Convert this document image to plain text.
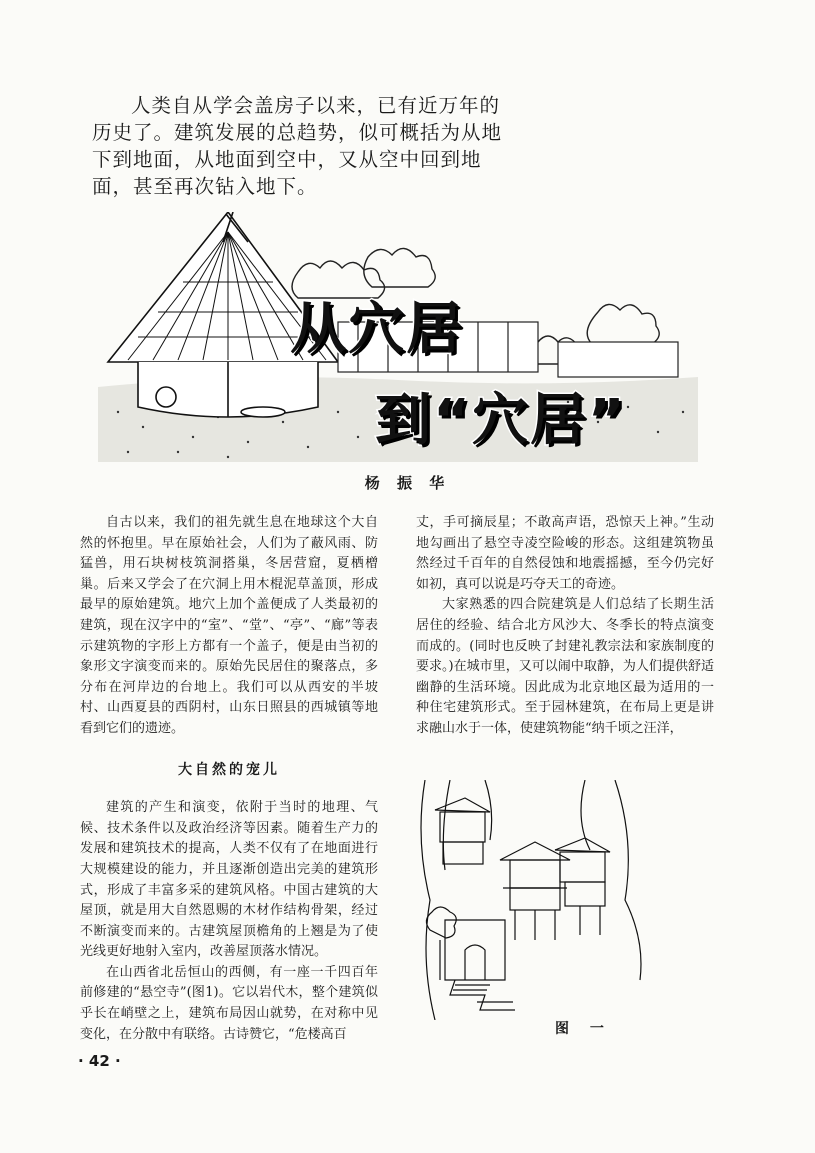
人类自从学会盖房子以来，已有近万年的历史了。建筑发展的总趋势，似可概括为从地下到地面，从地面到空中，又从空中回到地面，甚至再次钻入地下。

从穴居
到“穴居”
杨 振 华

自古以来，我们的祖先就生息在地球这个大自然的怀抱里。早在原始社会，人们为了蔽风雨、防猛兽，用石块树枝筑洞搭巢，冬居营窟，夏栖橧巢。后来又学会了在穴洞上用木棍泥草盖顶，形成最早的原始建筑。地穴上加个盖便成了人类最初的建筑，现在汉字中的“室”、“堂”、“亭”、“廊”等表示建筑物的字形上方都有一个盖子，便是由当初的象形文字演变而来的。原始先民居住的聚落点，多分布在河岸边的台地上。我们可以从西安的半坡村、山西夏县的西阴村，山东日照县的西城镇等地看到它们的遗迹。

大自然的宠儿

建筑的产生和演变，依附于当时的地理、气候、技术条件以及政治经济等因素。随着生产力的发展和建筑技术的提高，人类不仅有了在地面进行大规模建设的能力，并且逐渐创造出完美的建筑形式，形成了丰富多采的建筑风格。中国古建筑的大屋顶，就是用大自然恩赐的木材作结构骨架，经过不断演变而来的。古建筑屋顶檐角的上翘是为了使光线更好地射入室内，改善屋顶落水情况。

在山西省北岳恒山的西侧，有一座一千四百年前修建的“悬空寺”(图1)。它以岩代木，整个建筑似乎长在峭壁之上，建筑布局因山就势，在对称中见变化，在分散中有联络。古诗赞它，“危楼高百

丈，手可摘辰星；不敢高声语，恐惊天上神。”生动地勾画出了悬空寺凌空险峻的形态。这组建筑物虽然经过千百年的自然侵蚀和地震摇撼，至今仍完好如初，真可以说是巧夺天工的奇迹。

大家熟悉的四合院建筑是人们总结了长期生活居住的经验、结合北方风沙大、冬季长的特点演变而成的。(同时也反映了封建礼教宗法和家族制度的要求。)在城市里，又可以闹中取静，为人们提供舒适幽静的生活环境。因此成为北京地区最为适用的一种住宅建筑形式。至于园林建筑，在布局上更是讲求融山水于一体，使建筑物能“纳千顷之汪洋，

图 一
· 42 ·
